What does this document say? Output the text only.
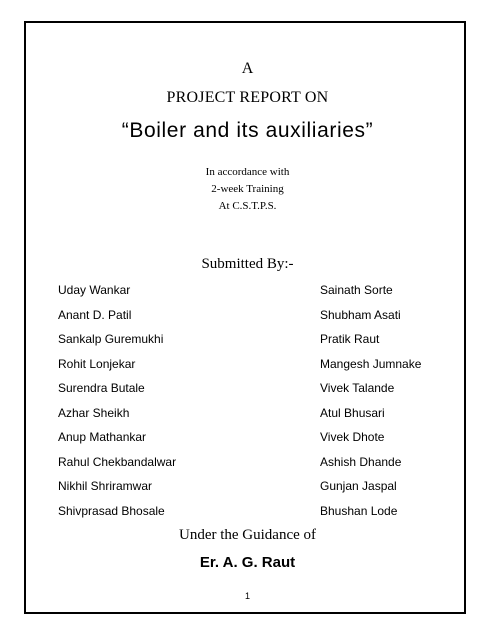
A

PROJECT REPORT ON

“Boiler and its auxiliaries”

In accordance with

2-week Training

At C.S.T.P.S.

Submitted By:-

Uday Wankar
Anant D. Patil
Sankalp Guremukhi
Rohit Lonjekar
Surendra Butale
Azhar Sheikh
Anup Mathankar
Rahul Chekbandalwar
Nikhil Shriramwar
Shivprasad Bhosale
Sainath Sorte
Shubham Asati
Pratik Raut
Mangesh Jumnake
Vivek Talande
Atul Bhusari
Vivek Dhote
Ashish Dhande
Gunjan Jaspal
Bhushan Lode

Under the Guidance of

Er. A. G. Raut

1
